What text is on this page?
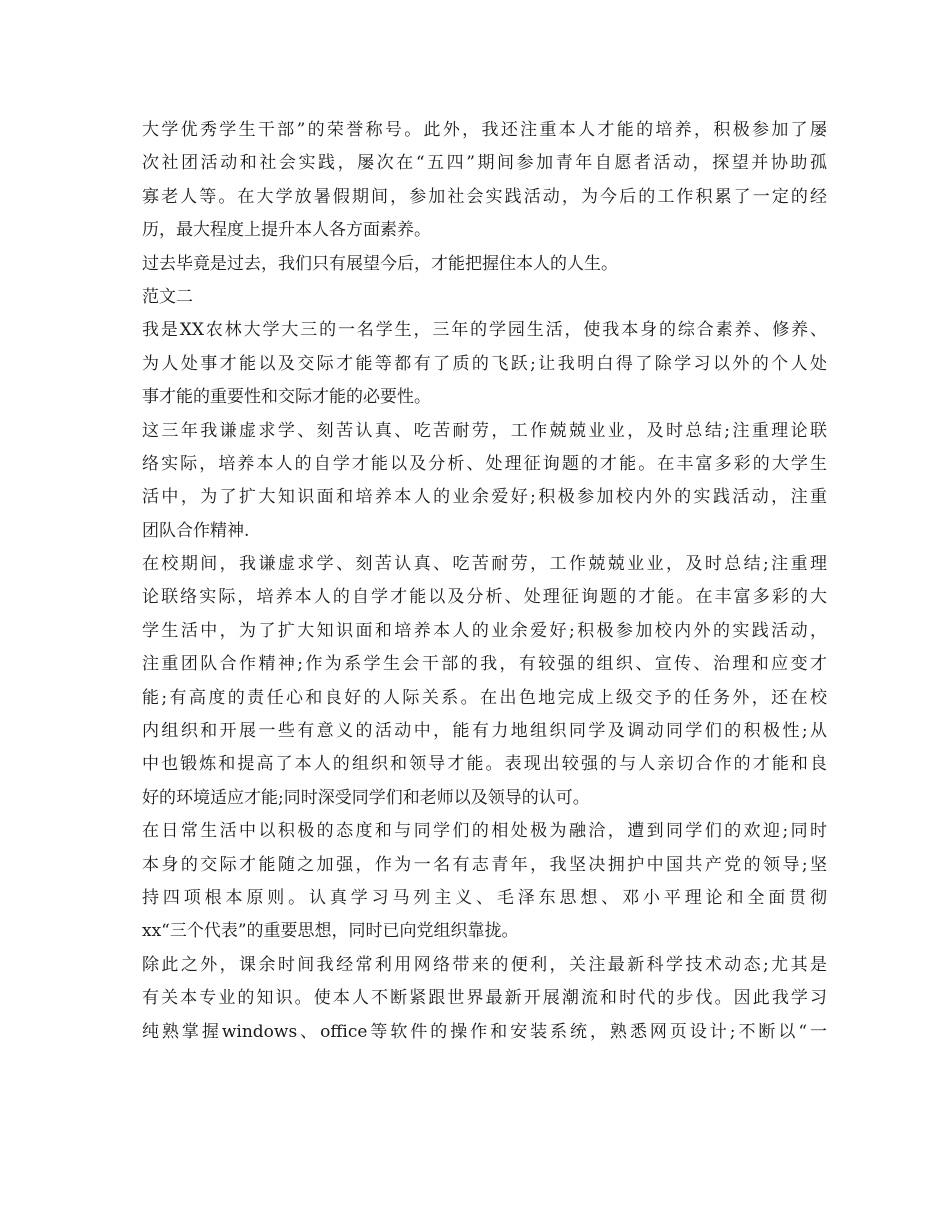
大学优秀学生干部”的荣誉称号。此外，我还注重本人才能的培养，积极参加了屡
次社团活动和社会实践，屡次在“五四”期间参加青年自愿者活动，探望并协助孤
寡老人等。在大学放暑假期间，参加社会实践活动，为今后的工作积累了一定的经
历，最大程度上提升本人各方面素养。
过去毕竟是过去，我们只有展望今后，才能把握住本人的人生。
范文二
我是XX农林大学大三的一名学生，三年的学园生活，使我本身的综合素养、修养、
为人处事才能以及交际才能等都有了质的飞跃;让我明白得了除学习以外的个人处
事才能的重要性和交际才能的必要性。
这三年我谦虚求学、刻苦认真、吃苦耐劳，工作兢兢业业，及时总结;注重理论联
络实际，培养本人的自学才能以及分析、处理征询题的才能。在丰富多彩的大学生
活中，为了扩大知识面和培养本人的业余爱好;积极参加校内外的实践活动，注重
团队合作精神.
在校期间，我谦虚求学、刻苦认真、吃苦耐劳，工作兢兢业业，及时总结;注重理
论联络实际，培养本人的自学才能以及分析、处理征询题的才能。在丰富多彩的大
学生活中，为了扩大知识面和培养本人的业余爱好;积极参加校内外的实践活动，
注重团队合作精神;作为系学生会干部的我，有较强的组织、宣传、治理和应变才
能;有高度的责任心和良好的人际关系。在出色地完成上级交予的任务外，还在校
内组织和开展一些有意义的活动中，能有力地组织同学及调动同学们的积极性;从
中也锻炼和提高了本人的组织和领导才能。表现出较强的与人亲切合作的才能和良
好的环境适应才能;同时深受同学们和老师以及领导的认可。
在日常生活中以积极的态度和与同学们的相处极为融洽，遭到同学们的欢迎;同时
本身的交际才能随之加强，作为一名有志青年，我坚决拥护中国共产党的领导;坚
持四项根本原则。认真学习马列主义、毛泽东思想、邓小平理论和全面贯彻
xx“三个代表”的重要思想，同时已向党组织靠拢。
除此之外，课余时间我经常利用网络带来的便利，关注最新科学技术动态;尤其是
有关本专业的知识。使本人不断紧跟世界最新开展潮流和时代的步伐。因此我学习
纯熟掌握windows、office等软件的操作和安装系统，熟悉网页设计;不断以“一
